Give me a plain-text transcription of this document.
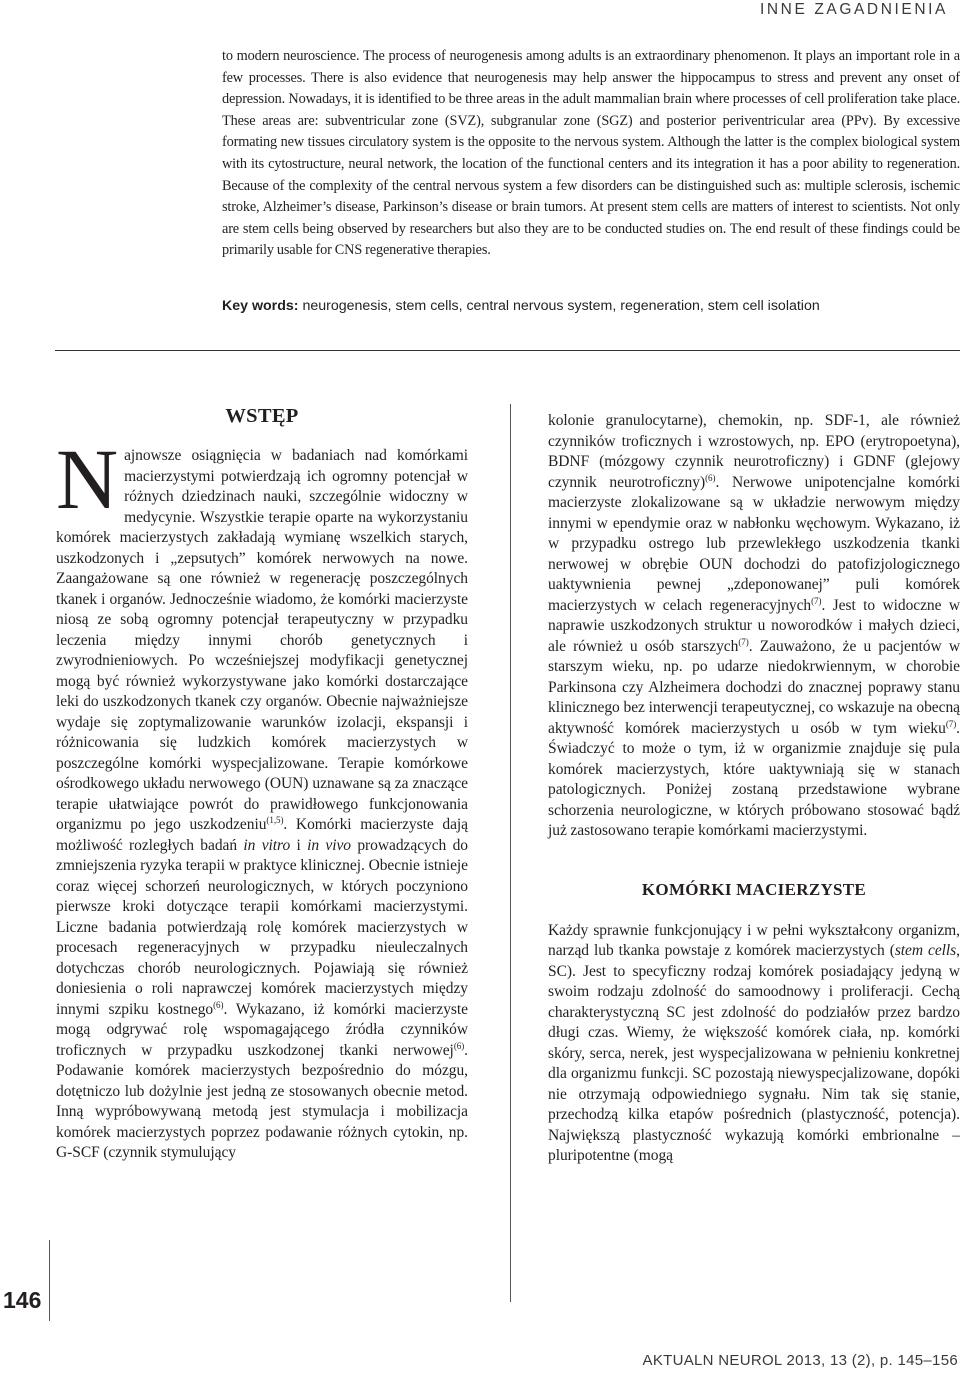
INNE ZAGADNIENIA

to modern neuroscience. The process of neurogenesis among adults is an extraordinary phenomenon. It plays an important role in a few processes. There is also evidence that neurogenesis may help answer the hippocampus to stress and prevent any onset of depression. Nowadays, it is identified to be three areas in the adult mammalian brain where processes of cell proliferation take place. These areas are: subventricular zone (SVZ), subgranular zone (SGZ) and posterior periventricular area (PPv). By excessive formating new tissues circulatory system is the opposite to the nervous system. Although the latter is the complex biological system with its cytostructure, neural network, the location of the functional centers and its integration it has a poor ability to regeneration. Because of the complexity of the central nervous system a few disorders can be distinguished such as: multiple sclerosis, ischemic stroke, Alzheimer’s disease, Parkinson’s disease or brain tumors. At present stem cells are matters of interest to scientists. Not only are stem cells being observed by researchers but also they are to be conducted studies on. The end result of these findings could be primarily usable for CNS regenerative therapies.

Key words: neurogenesis, stem cells, central nervous system, regeneration, stem cell isolation
WSTĘP

Najnowsze osiągnięcia w badaniach nad komórkami macierzystymi potwierdzają ich ogromny potencjał w różnych dziedzinach nauki, szczególnie widoczny w medycynie. Wszystkie terapie oparte na wykorzystaniu komórek macierzystych zakładają wymianę wszelkich starych, uszkodzonych i „zepsutych” komórek nerwowych na nowe. Zaangażowane są one również w regenerację poszczególnych tkanek i organów. Jednocześnie wiadomo, że komórki macierzyste niosą ze sobą ogromny potencjał terapeutyczny w przypadku leczenia między innymi chorób genetycznych i zwyrodnieniowych. Po wcześniejszej modyfikacji genetycznej mogą być również wykorzystywane jako komórki dostarczające leki do uszkodzonych tkanek czy organów. Obecnie najważniejsze wydaje się zoptymalizowanie warunków izolacji, ekspansji i różnicowania się ludzkich komórek macierzystych w poszczególne komórki wyspecjalizowane. Terapie komórkowe ośrodkowego układu nerwowego (OUN) uznawane są za znaczące terapie ułatwiające powrót do prawidłowego funkcjonowania organizmu po jego uszkodzeniu$^{(1,5)}$. Komórki macierzyste dają możliwość rozległych badań in vitro i in vivo prowadzących do zmniejszenia ryzyka terapii w praktyce klinicznej. Obecnie istnieje coraz więcej schorzeń neurologicznych, w których poczyniono pierwsze kroki dotyczące terapii komórkami macierzystymi. Liczne badania potwierdzają rolę komórek macierzystych w procesach regeneracyjnych w przypadku nieuleczalnych dotychczas chorób neurologicznych. Pojawiają się również doniesienia o roli naprawczej komórek macierzystych między innymi szpiku kostnego$^{(6)}$. Wykazano, iż komórki macierzyste mogą odgrywać rolę wspomagającego źródła czynników troficznych w przypadku uszkodzonej tkanki nerwowej$^{(6)}$. Podawanie komórek macierzystych bezpośrednio do mózgu, dotętniczo lub dożylnie jest jedną ze stosowanych obecnie metod. Inną wypróbowywaną metodą jest stymulacja i mobilizacja komórek macierzystych poprzez podawanie różnych cytokin, np. G-SCF (czynnik stymulujący

kolonie granulocytarne), chemokin, np. SDF-1, ale również czynników troficznych i wzrostowych, np. EPO (erytropoetyna), BDNF (mózgowy czynnik neurotroficzny) i GDNF (glejowy czynnik neurotroficzny)$^{(6)}$. Nerwowe unipotencjalne komórki macierzyste zlokalizowane są w układzie nerwowym między innymi w ependymie oraz w nabłonku węchowym. Wykazano, iż w przypadku ostrego lub przewlekłego uszkodzenia tkanki nerwowej w obrębie OUN dochodzi do patofizjologicznego uaktywnienia pewnej „zdeponowanej” puli komórek macierzystych w celach regeneracyjnych$^{(7)}$. Jest to widoczne w naprawie uszkodzonych struktur u noworodków i małych dzieci, ale również u osób starszych$^{(7)}$. Zauważono, że u pacjentów w starszym wieku, np. po udarze niedokrwiennym, w chorobie Parkinsona czy Alzheimera dochodzi do znacznej poprawy stanu klinicznego bez interwencji terapeutycznej, co wskazuje na obecną aktywność komórek macierzystych u osób w tym wieku$^{(7)}$. Świadczyć to może o tym, iż w organizmie znajduje się pula komórek macierzystych, które uaktywniają się w stanach patologicznych. Poniżej zostaną przedstawione wybrane schorzenia neurologiczne, w których próbowano stosować bądź już zastosowano terapie komórkami macierzystymi.

KOMÓRKI MACIERZYSTE

Każdy sprawnie funkcjonujący i w pełni wykształcony organizm, narząd lub tkanka powstaje z komórek macierzystych (stem cells, SC). Jest to specyficzny rodzaj komórek posiadający jedyną w swoim rodzaju zdolność do samoodnowy i proliferacji. Cechą charakterystyczną SC jest zdolność do podziałów przez bardzo długi czas. Wiemy, że większość komórek ciała, np. komórki skóry, serca, nerek, jest wyspecjalizowana w pełnieniu konkretnej dla organizmu funkcji. SC pozostają niewyspecjalizowane, dopóki nie otrzymają odpowiedniego sygnału. Nim tak się stanie, przechodzą kilka etapów pośrednich (plastyczność, potencja). Największą plastyczność wykazują komórki embrionalne – pluripotentne (mogą

146
AKTUALN NEUROL 2013, 13 (2), p. 145–156
